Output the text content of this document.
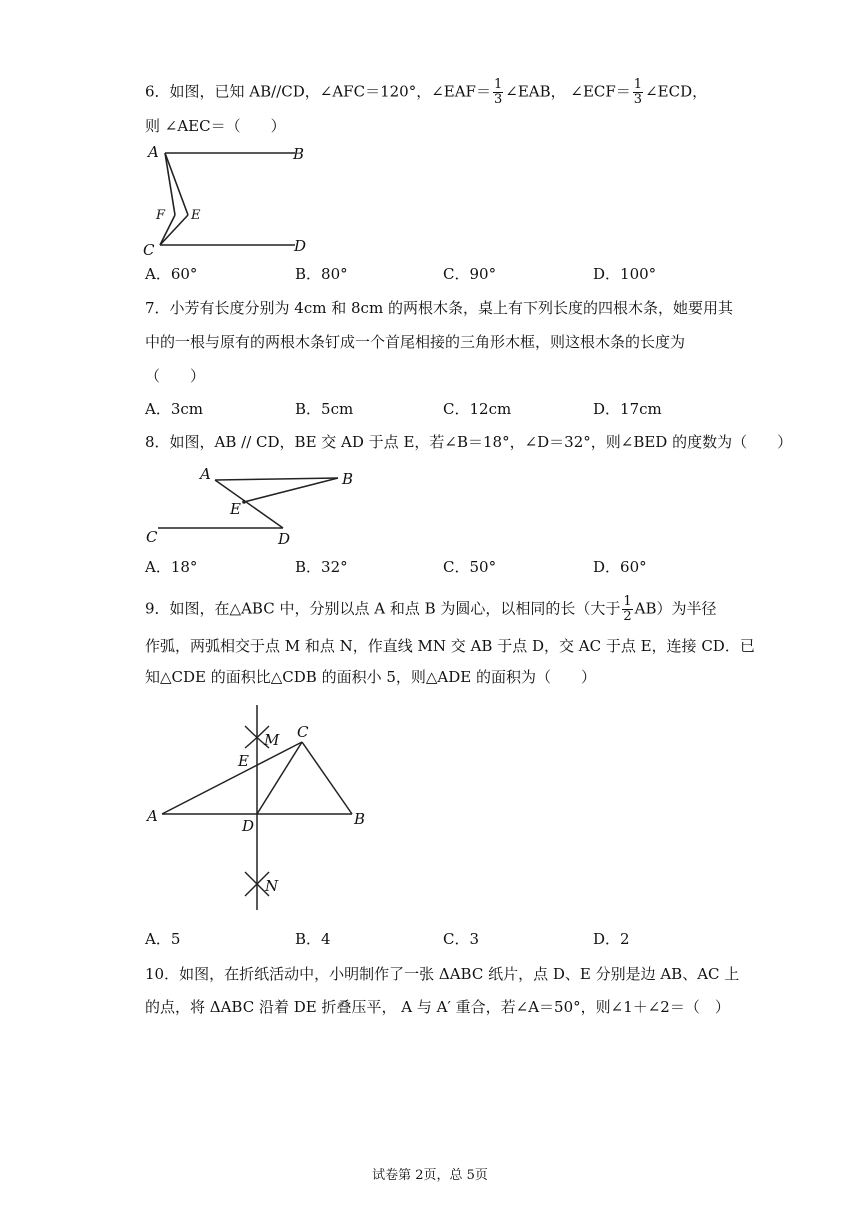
6．如图，已知 AB//CD，∠AFC＝120°，∠EAF＝ $\frac{1}{3}$ ∠EAB， ∠ECF＝ $\frac{1}{3}$ ∠ECD，
则 ∠AEC＝（　　）
A	B
F E
C	D
A．60°	B．80°	C．90°	D．100°
7．小芳有长度分别为 4cm 和 8cm 的两根木条，桌上有下列长度的四根木条，她要用其
中的一根与原有的两根木条钉成一个首尾相接的三角形木框，则这根木条的长度为
（　　）
A．3cm	B．5cm	C．12cm	D．17cm
8．如图，AB // CD，BE 交 AD 于点 E，若∠B＝18°，∠D＝32°，则∠BED 的度数为（　　）
A	B
E
C	D
A．18°	B．32°	C．50°	D．60°
9．如图，在△ABC 中，分别以点 A 和点 B 为圆心，以相同的长（大于 $\frac{1}{2} AB$）为半径
作弧，两弧相交于点 M 和点 N，作直线 MN 交 AB 于点 D，交 AC 于点 E，连接 CD．已
知△CDE 的面积比△CDB 的面积小 5，则△ADE 的面积为（　　）
M C
E
A
D	B
N
A．5	B．4	C．3	D．2
10．如图，在折纸活动中，小明制作了一张 ΔABC 纸片，点 D、E 分别是边 AB、AC 上
的点，将 ΔABC 沿着 DE 折叠压平， A 与 A′ 重合，若∠A＝50°，则∠1＋∠2＝（　）
试卷第 2页，总 5页
